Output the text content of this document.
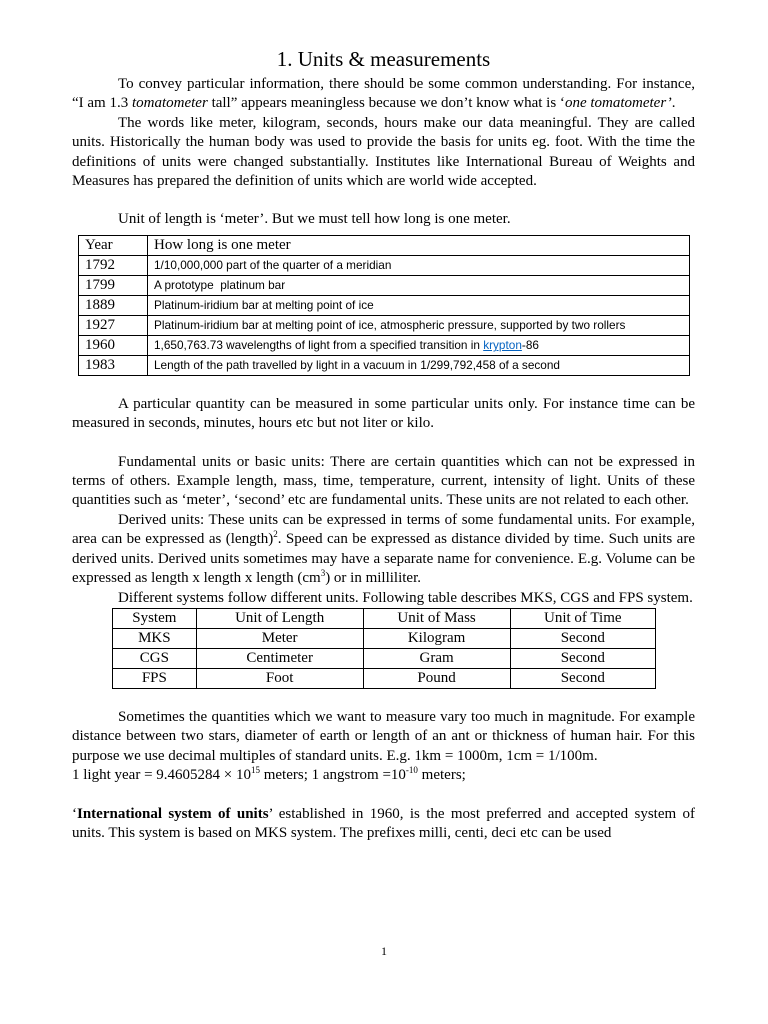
1. Units & measurements

To convey particular information, there should be some common understanding. For instance, “I am 1.3 tomatometer tall” appears meaningless because we don’t know what is ‘one tomatometer’.

The words like meter, kilogram, seconds, hours make our data meaningful. They are called units. Historically the human body was used to provide the basis for units eg. foot. With the time the definitions of units were changed substantially. Institutes like International Bureau of Weights and Measures has prepared the definition of units which are world wide accepted.

Unit of length is ‘meter’. But we must tell how long is one meter.

Year	How long is one meter
1792	1/10,000,000 part of the quarter of a meridian
1799	A prototype  platinum bar
1889	Platinum-iridium bar at melting point of ice
1927	Platinum-iridium bar at melting point of ice, atmospheric pressure, supported by two rollers
1960	1,650,763.73 wavelengths of light from a specified transition in krypton-86
1983	Length of the path travelled by light in a vacuum in 1/299,792,458 of a second

A particular quantity can be measured in some particular units only. For instance time can be measured in seconds, minutes, hours etc but not liter or kilo.

Fundamental units or basic units: There are certain quantities which can not be expressed in terms of others. Example length, mass, time, temperature, current, intensity of light. Units of these quantities such as ‘meter’, ‘second’ etc are fundamental units. These units are not related to each other.

Derived units: These units can be expressed in terms of some fundamental units. For example, area can be expressed as (length)$^2$. Speed can be expressed as distance divided by time. Such units are derived units. Derived units sometimes may have a separate name for convenience. E.g. Volume can be expressed as length x length x length $(cm^3)$ or in milliliter.

Different systems follow different units. Following table describes MKS, CGS and FPS system.

System	Unit of Length	Unit of Mass	Unit of Time
MKS	Meter	Kilogram	Second
CGS	Centimeter	Gram	Second
FPS	Foot	Pound	Second

Sometimes the quantities which we want to measure vary too much in magnitude. For example distance between two stars, diameter of earth or length of an ant or thickness of human hair. For this purpose we use decimal multiples of standard units. E.g. 1km = 1000m, 1cm = 1/100m.

1 light year = $9.4605284 \times 10^{15}$ meters; 1 angstrom $=10^{-10}$ meters;

‘International system of units’ established in 1960, is the most preferred and accepted system of units. This system is based on MKS system. The prefixes milli, centi, deci etc can be used

1
